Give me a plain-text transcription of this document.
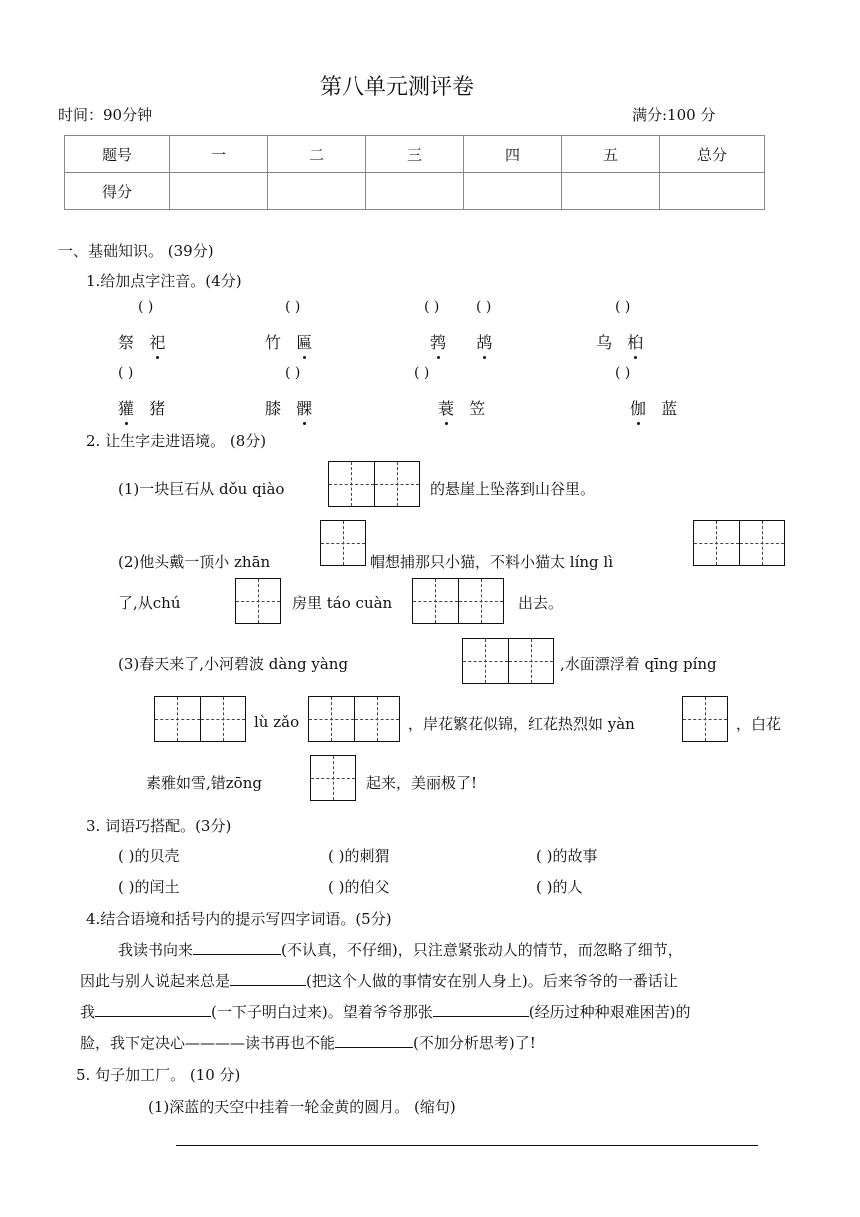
第八单元测评卷
时间：90分钟	满分:100 分
题号	一	二	三	四	五	总分
得分						
一、基础知识。 (39分)
1.给加点字注音。(4分)
( )	( )	( )	( )	( )
祭 祀	竹 匾	鹁 鸪	乌 桕
( )	( )	( )	( )
獾 猪	膝 髁	蓑 笠	伽 蓝
2. 让生字走进语境。 (8分)
(1)一块巨石从 dǒu qiào	的悬崖上坠落到山谷里。
(2)他头戴一顶小 zhān	帽想捕那只小猫，不料小猫太 líng lì
了,从chú	房里 táo cuàn	出去。
(3)春天来了,小河碧波 dàng yàng	,水面漂浮着 qīng píng
lù zǎo	，岸花繁花似锦，红花热烈如 yàn	，白花
素雅如雪,错zōng	起来，美丽极了!
3. 词语巧搭配。(3分)
( )的贝壳	( )的刺猬	( )的故事
( )的闰土	( )的伯父	( )的人
4.结合语境和括号内的提示写四字词语。(5分)
我读书向来	(不认真，不仔细)，只注意紧张动人的情节，而忽略了细节，
因此与别人说起来总是	(把这个人做的事情安在别人身上)。后来爷爷的一番话让
我	(一下子明白过来)。望着爷爷那张	(经历过种种艰难困苦)的
脸，我下定决心————读书再也不能	(不加分析思考)了!
5. 句子加工厂。 (10 分)
(1)深蓝的天空中挂着一轮金黄的圆月。 (缩句)
